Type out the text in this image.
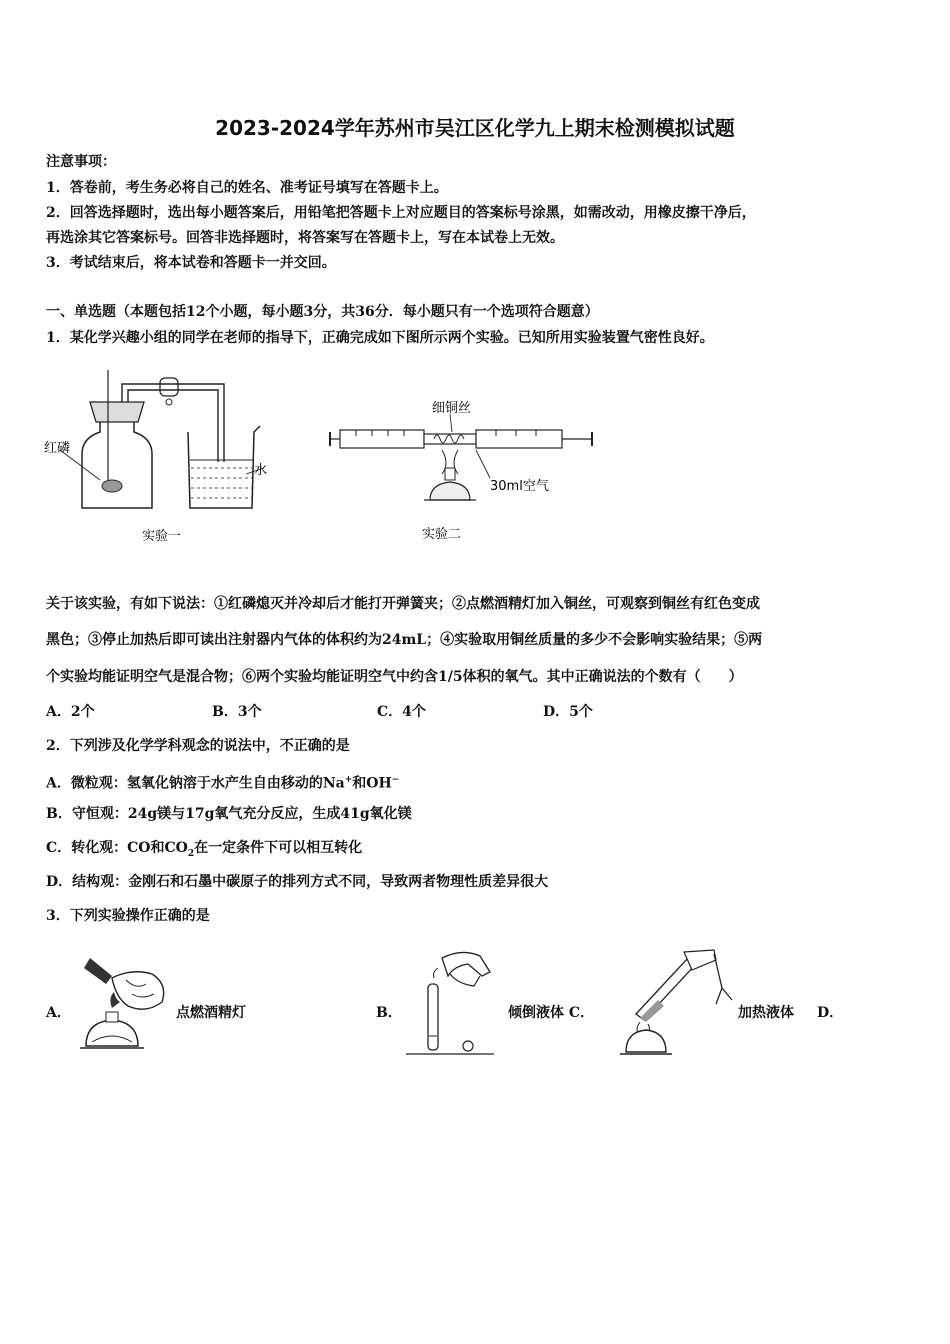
2023-2024学年苏州市吴江区化学九上期末检测模拟试题
注意事项：
1．答卷前，考生务必将自己的姓名、准考证号填写在答题卡上。
2．回答选择题时，选出每小题答案后，用铅笔把答题卡上对应题目的答案标号涂黑，如需改动，用橡皮擦干净后，
再选涂其它答案标号。回答非选择题时，将答案写在答题卡上，写在本试卷上无效。
3．考试结束后，将本试卷和答题卡一并交回。
一、单选题（本题包括12个小题，每小题3分，共36分．每小题只有一个选项符合题意）
1．某化学兴趣小组的同学在老师的指导下，正确完成如下图所示两个实验。已知所用实验装置气密性良好。
红磷
水
实验一
细铜丝
30ml空气
实验二
关于该实验，有如下说法：①红磷熄灭并冷却后才能打开弹簧夹；②点燃酒精灯加入铜丝，可观察到铜丝有红色变成
黑色；③停止加热后即可读出注射器内气体的体积约为24mL；④实验取用铜丝质量的多少不会影响实验结果；⑤两
个实验均能证明空气是混合物；⑥两个实验均能证明空气中约含1/5体积的氧气。其中正确说法的个数有（　　）
A．2个	B．3个	C．4个	D．5个
2．下列涉及化学学科观念的说法中，不正确的是
A．微粒观：氢氧化钠溶于水产生自由移动的Na+和OH−
B．守恒观：24g镁与17g氧气充分反应，生成41g氧化镁
C．转化观：CO和$CO_2$在一定条件下可以相互转化
D．结构观：金刚石和石墨中碳原子的排列方式不同，导致两者物理性质差异很大
3．下列实验操作正确的是
A．	点燃酒精灯	B．	倾倒液体 C．	加热液体 D．
